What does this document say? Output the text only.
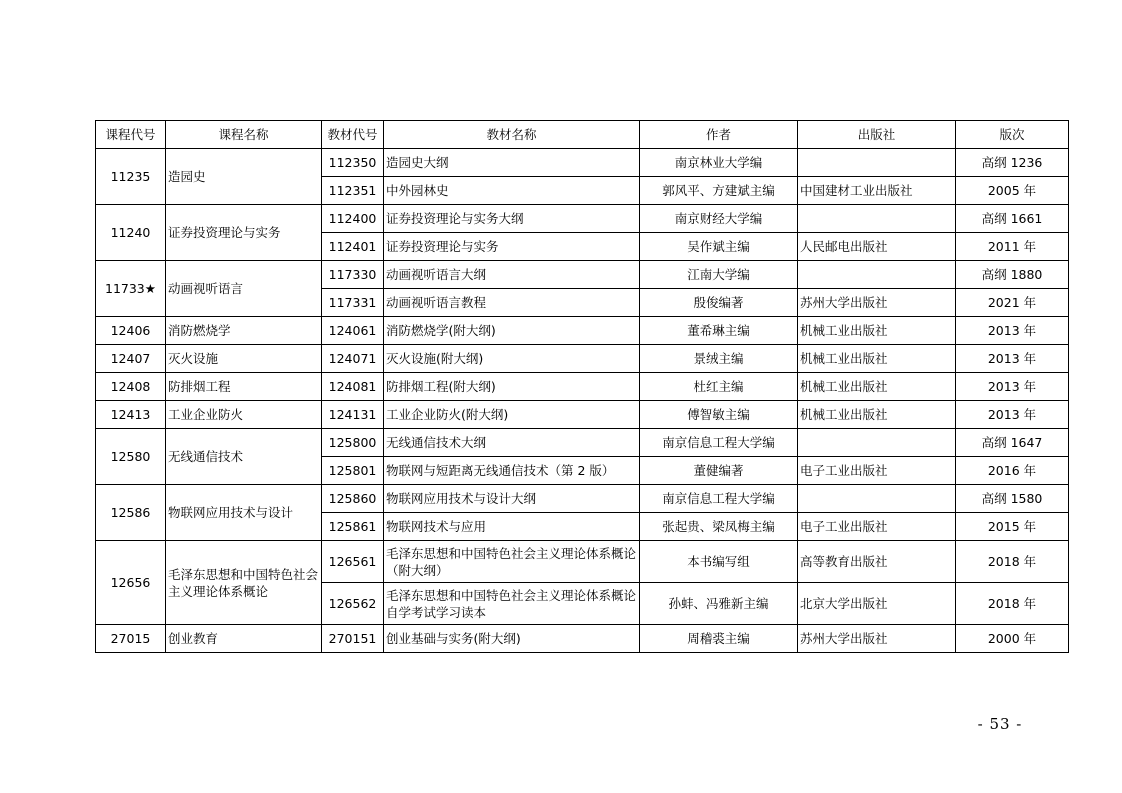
课程代号	课程名称	教材代号	教材名称	作者	出版社	版次
11235	造园史	112350	造园史大纲	南京林业大学编		高纲 1236
		112351	中外园林史	郭风平、方建斌主编	中国建材工业出版社	2005 年
11240	证券投资理论与实务	112400	证券投资理论与实务大纲	南京财经大学编		高纲 1661
		112401	证券投资理论与实务	吴作斌主编	人民邮电出版社	2011 年
11733★	动画视听语言	117330	动画视听语言大纲	江南大学编		高纲 1880
		117331	动画视听语言教程	殷俊编著	苏州大学出版社	2021 年
12406	消防燃烧学	124061	消防燃烧学(附大纲)	董希琳主编	机械工业出版社	2013 年
12407	灭火设施	124071	灭火设施(附大纲)	景绒主编	机械工业出版社	2013 年
12408	防排烟工程	124081	防排烟工程(附大纲)	杜红主编	机械工业出版社	2013 年
12413	工业企业防火	124131	工业企业防火(附大纲)	傅智敏主编	机械工业出版社	2013 年
12580	无线通信技术	125800	无线通信技术大纲	南京信息工程大学编		高纲 1647
		125801	物联网与短距离无线通信技术（第 2 版）	董健编著	电子工业出版社	2016 年
12586	物联网应用技术与设计	125860	物联网应用技术与设计大纲	南京信息工程大学编		高纲 1580
		125861	物联网技术与应用	张起贵、梁凤梅主编	电子工业出版社	2015 年
12656	毛泽东思想和中国特色社会主义理论体系概论	126561	毛泽东思想和中国特色社会主义理论体系概论（附大纲）	本书编写组	高等教育出版社	2018 年
		126562	毛泽东思想和中国特色社会主义理论体系概论自学考试学习读本	孙蚌、冯雅新主编	北京大学出版社	2018 年
27015	创业教育	270151	创业基础与实务(附大纲)	周稽裘主编	苏州大学出版社	2000 年
- 53 -
